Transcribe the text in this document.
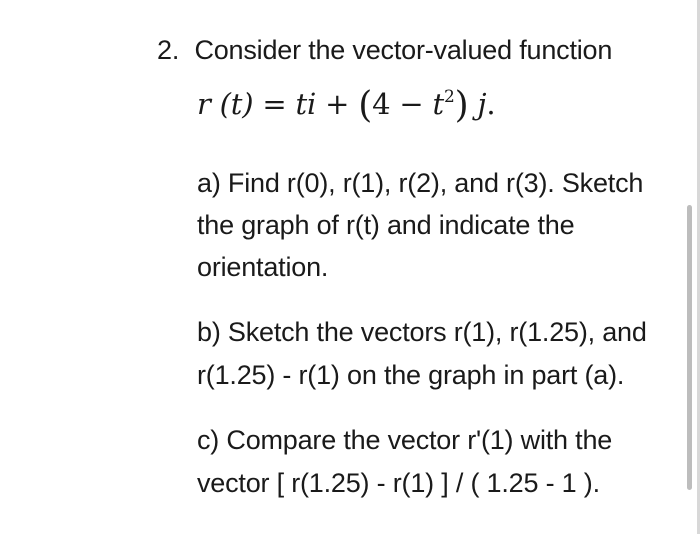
2. Consider the vector-valued function
r (t) = ti + $(4 - t^2)$ j.
a) Find r(0), r(1), r(2), and r(3). Sketch
the graph of r(t) and indicate the
orientation.
b) Sketch the vectors r(1), r(1.25), and
r(1.25) - r(1) on the graph in part (a).
c) Compare the vector r'(1) with the
vector [ r(1.25) - r(1) ] / ( 1.25 - 1 ).
